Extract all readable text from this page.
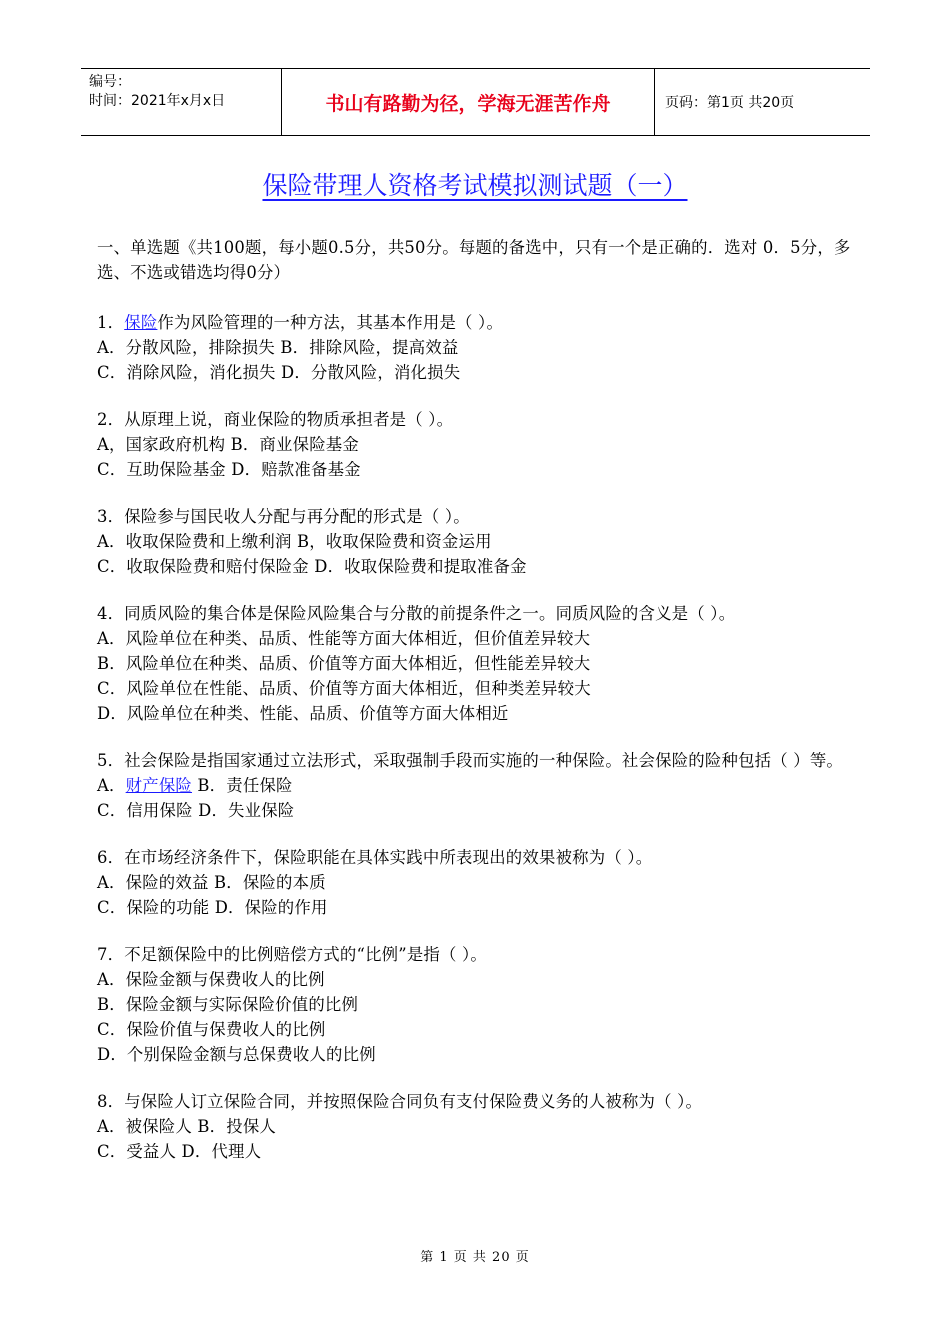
编号：
时间：2021年x月x日	书山有路勤为径，学海无涯苦作舟	页码：第1页 共20页
保险带理人资格考试模拟测试题（一）
一、单选题《共100题，每小题0.5分，共50分。每题的备选中，只有一个是正确的．选对 0．5分，多选、不选或错选均得0分）

1．保险作为风险管理的一种方法，其基本作用是（ ）。

A．分散风险，排除损失 B．排除风险，提高效益

C．消除风险，消化损失 D．分散风险，消化损失

2．从原理上说，商业保险的物质承担者是（ ）。

A，国家政府机构 B．商业保险基金

C．互助保险基金 D．赔款准备基金

3．保险参与国民收人分配与再分配的形式是（ ）。

A．收取保险费和上缴利润 B，收取保险费和资金运用

C．收取保险费和赔付保险金 D．收取保险费和提取准备金

4．同质风险的集合体是保险风险集合与分散的前提条件之一。同质风险的含义是（ ）。

A．风险单位在种类、品质、性能等方面大体相近，但价值差异较大

B．风险单位在种类、品质、价值等方面大体相近，但性能差异较大

C．风险单位在性能、品质、价值等方面大体相近，但种类差异较大

D．风险单位在种类、性能、品质、价值等方面大体相近

5．社会保险是指国家通过立法形式，采取强制手段而实施的一种保险。社会保险的险种包括（ ）等。

A．财产保险 B．责任保险

C．信用保险 D．失业保险

6．在市场经济条件下，保险职能在具体实践中所表现出的效果被称为（ ）。

A．保险的效益 B．保险的本质

C．保险的功能 D．保险的作用

7．不足额保险中的比例赔偿方式的“比例”是指（ ）。

A．保险金额与保费收人的比例

B．保险金额与实际保险价值的比例

C．保险价值与保费收人的比例

D．个别保险金额与总保费收人的比例

8．与保险人订立保险合同，并按照保险合同负有支付保险费义务的人被称为（ ）。

A．被保险人 B．投保人

C．受益人 D．代理人

第 1 页 共 20 页
